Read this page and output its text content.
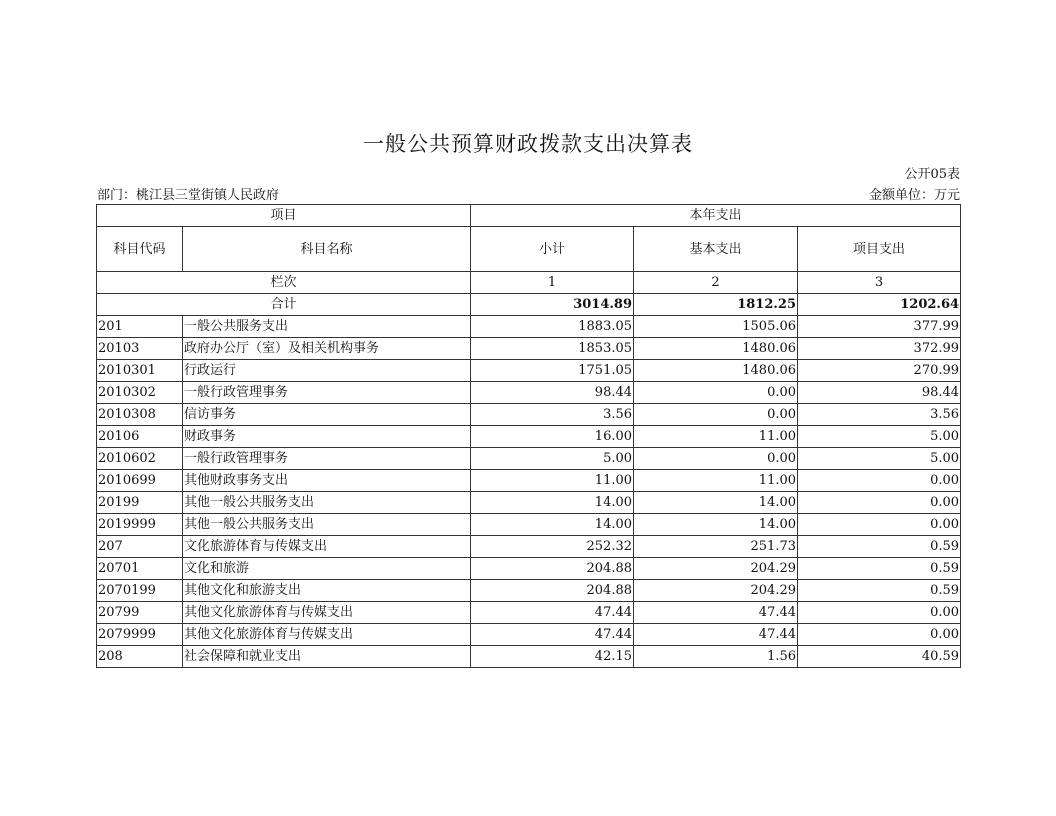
一般公共预算财政拨款支出决算表
公开05表
部门：桃江县三堂街镇人民政府	金额单位：万元
项目		本年支出		
科目代码	科目名称	小计	基本支出	项目支出
栏次		1	2	3
合计		3014.89	1812.25	1202.64
201	一般公共服务支出	1883.05	1505.06	377.99
20103	政府办公厅（室）及相关机构事务	1853.05	1480.06	372.99
2010301	行政运行	1751.05	1480.06	270.99
2010302	一般行政管理事务	98.44	0.00	98.44
2010308	信访事务	3.56	0.00	3.56
20106	财政事务	16.00	11.00	5.00
2010602	一般行政管理事务	5.00	0.00	5.00
2010699	其他财政事务支出	11.00	11.00	0.00
20199	其他一般公共服务支出	14.00	14.00	0.00
2019999	其他一般公共服务支出	14.00	14.00	0.00
207	文化旅游体育与传媒支出	252.32	251.73	0.59
20701	文化和旅游	204.88	204.29	0.59
2070199	其他文化和旅游支出	204.88	204.29	0.59
20799	其他文化旅游体育与传媒支出	47.44	47.44	0.00
2079999	其他文化旅游体育与传媒支出	47.44	47.44	0.00
208	社会保障和就业支出	42.15	1.56	40.59
